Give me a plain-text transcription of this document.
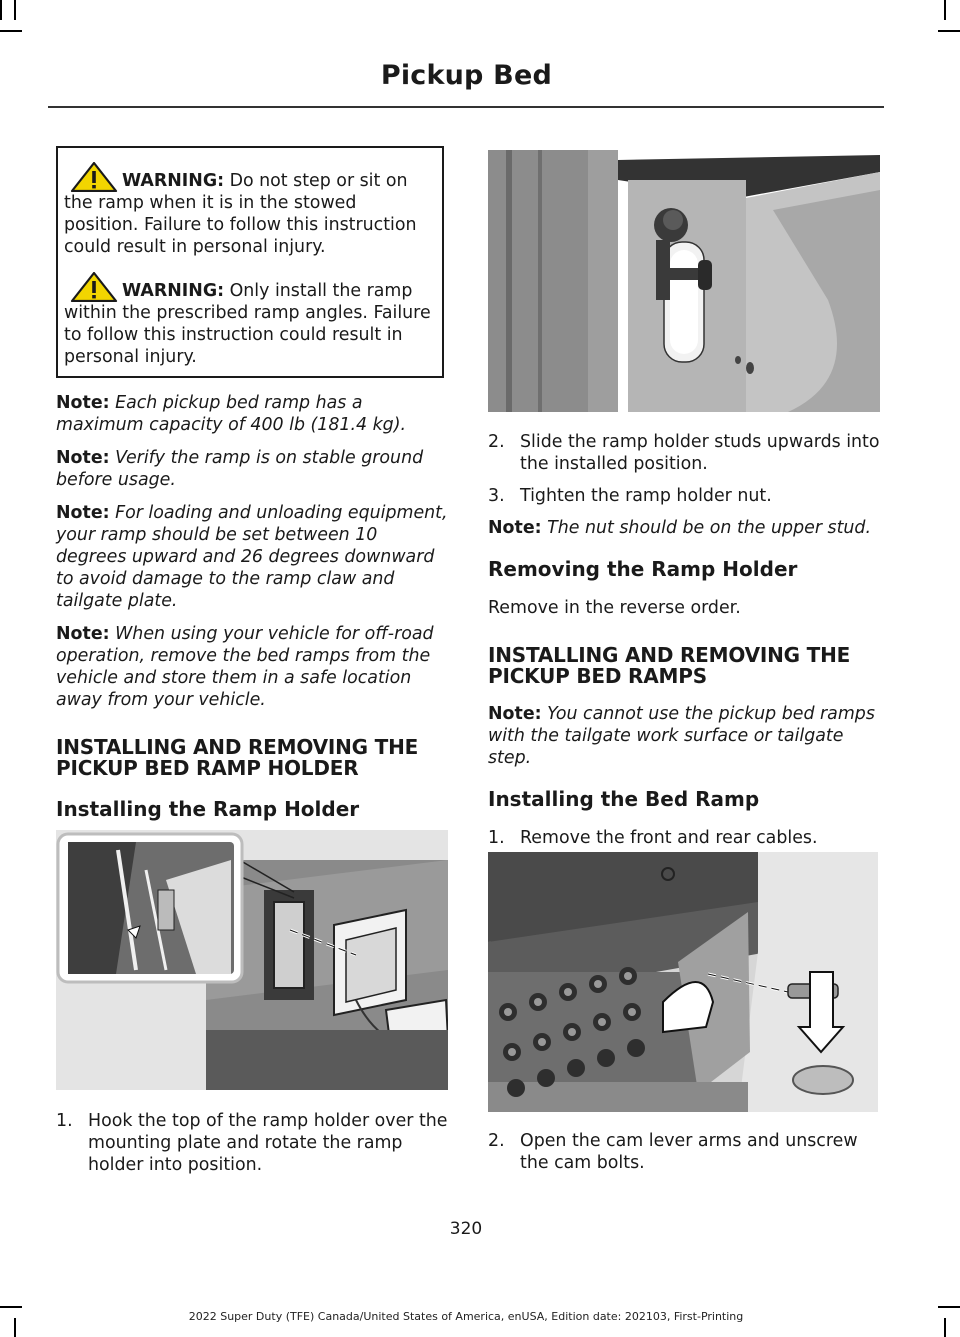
Pickup Bed

WARNING: Do not step or sit on the ramp when it is in the stowed position. Failure to follow this instruction could result in personal injury.

WARNING: Only install the ramp within the prescribed ramp angles. Failure to follow this instruction could result in personal injury.

Note: Each pickup bed ramp has a maximum capacity of 400 lb (181.4 kg).

Note: Verify the ramp is on stable ground before usage.

Note: For loading and unloading equipment, your ramp should be set between 10 degrees upward and 26 degrees downward to avoid damage to the ramp claw and tailgate plate.

Note: When using your vehicle for off-road operation, remove the bed ramps from the vehicle and store them in a safe location away from your vehicle.

INSTALLING AND REMOVING THE PICKUP BED RAMP HOLDER
Installing the Ramp Holder
1. Hook the top of the ramp holder over the mounting plate and rotate the ramp holder into position.
2. Slide the ramp holder studs upwards into the installed position.
3. Tighten the ramp holder nut.

Note: The nut should be on the upper stud.

Removing the Ramp Holder

Remove in the reverse order.

INSTALLING AND REMOVING THE PICKUP BED RAMPS

Note: You cannot use the pickup bed ramps with the tailgate work surface or tailgate step.

Installing the Bed Ramp
1. Remove the front and rear cables.
2. Open the cam lever arms and unscrew the cam bolts.
320
2022 Super Duty (TFE) Canada/United States of America, enUSA, Edition date: 202103, First-Printing
